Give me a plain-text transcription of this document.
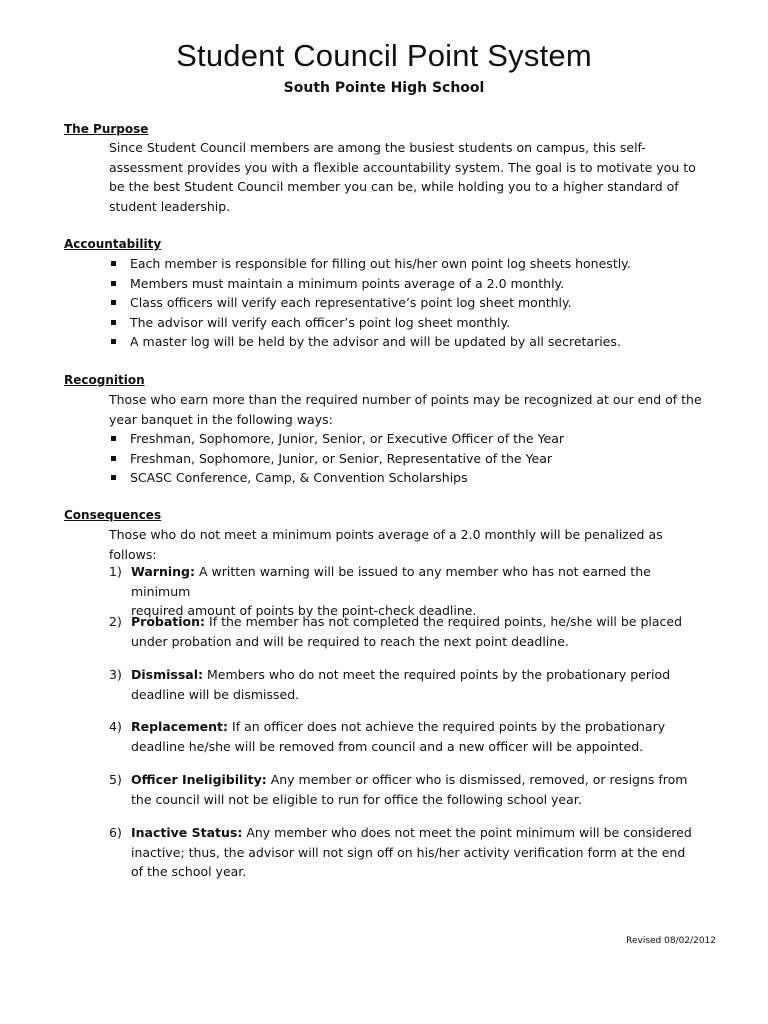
Student Council Point System
South Pointe High School
The Purpose
Since Student Council members are among the busiest students on campus, this self-
assessment provides you with a flexible accountability system. The goal is to motivate you to
be the best Student Council member you can be, while holding you to a higher standard of
student leadership.
Accountability
Each member is responsible for filling out his/her own point log sheets honestly.
Members must maintain a minimum points average of a 2.0 monthly.
Class officers will verify each representative’s point log sheet monthly.
The advisor will verify each officer’s point log sheet monthly.
A master log will be held by the advisor and will be updated by all secretaries.
Recognition
Those who earn more than the required number of points may be recognized at our end of the
year banquet in the following ways:
Freshman, Sophomore, Junior, Senior, or Executive Officer of the Year
Freshman, Sophomore, Junior, or Senior, Representative of the Year
SCASC Conference, Camp, & Convention Scholarships
Consequences
Those who do not meet a minimum points average of a 2.0 monthly will be penalized as follows:
1) Warning: A written warning will be issued to any member who has not earned the minimum
required amount of points by the point-check deadline.
2) Probation: If the member has not completed the required points, he/she will be placed
under probation and will be required to reach the next point deadline.
3) Dismissal: Members who do not meet the required points by the probationary period
deadline will be dismissed.
4) Replacement: If an officer does not achieve the required points by the probationary
deadline he/she will be removed from council and a new officer will be appointed.
5) Officer Ineligibility: Any member or officer who is dismissed, removed, or resigns from
the council will not be eligible to run for office the following school year.
6) Inactive Status: Any member who does not meet the point minimum will be considered
inactive; thus, the advisor will not sign off on his/her activity verification form at the end
of the school year.
Revised 08/02/2012
